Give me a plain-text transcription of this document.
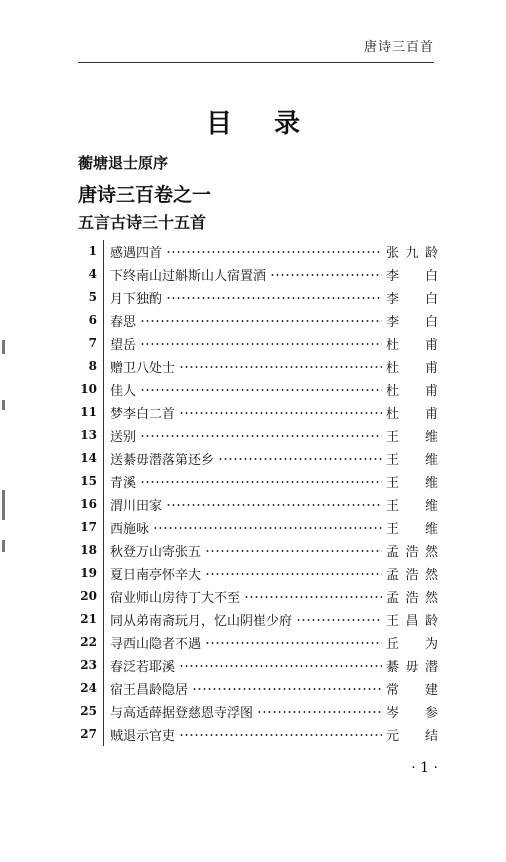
唐诗三百首
目 录
蘅塘退士原序
唐诗三百卷之一
五言古诗三十五首
1	感遇四首	张 九 龄
4	下终南山过斛斯山人宿置酒	李 白
5	月下独酌	李 白
6	春思	李 白
7	望岳	杜 甫
8	赠卫八处士	杜 甫
10	佳人	杜 甫
11	梦李白二首	杜 甫
13	送别	王 维
14	送綦毋潜落第还乡	王 维
15	青溪	王 维
16	渭川田家	王 维
17	西施咏	王 维
18	秋登万山寄张五	孟 浩 然
19	夏日南亭怀辛大	孟 浩 然
20	宿业师山房待丁大不至	孟 浩 然
21	同从弟南斋玩月，忆山阴崔少府	王 昌 龄
22	寻西山隐者不遇	丘 为
23	春泛若耶溪	綦 毋 潜
24	宿王昌龄隐居	常 建
25	与高适薛据登慈恩寺浮图	岑 参
27	贼退示官吏	元 结
· 1 ·
